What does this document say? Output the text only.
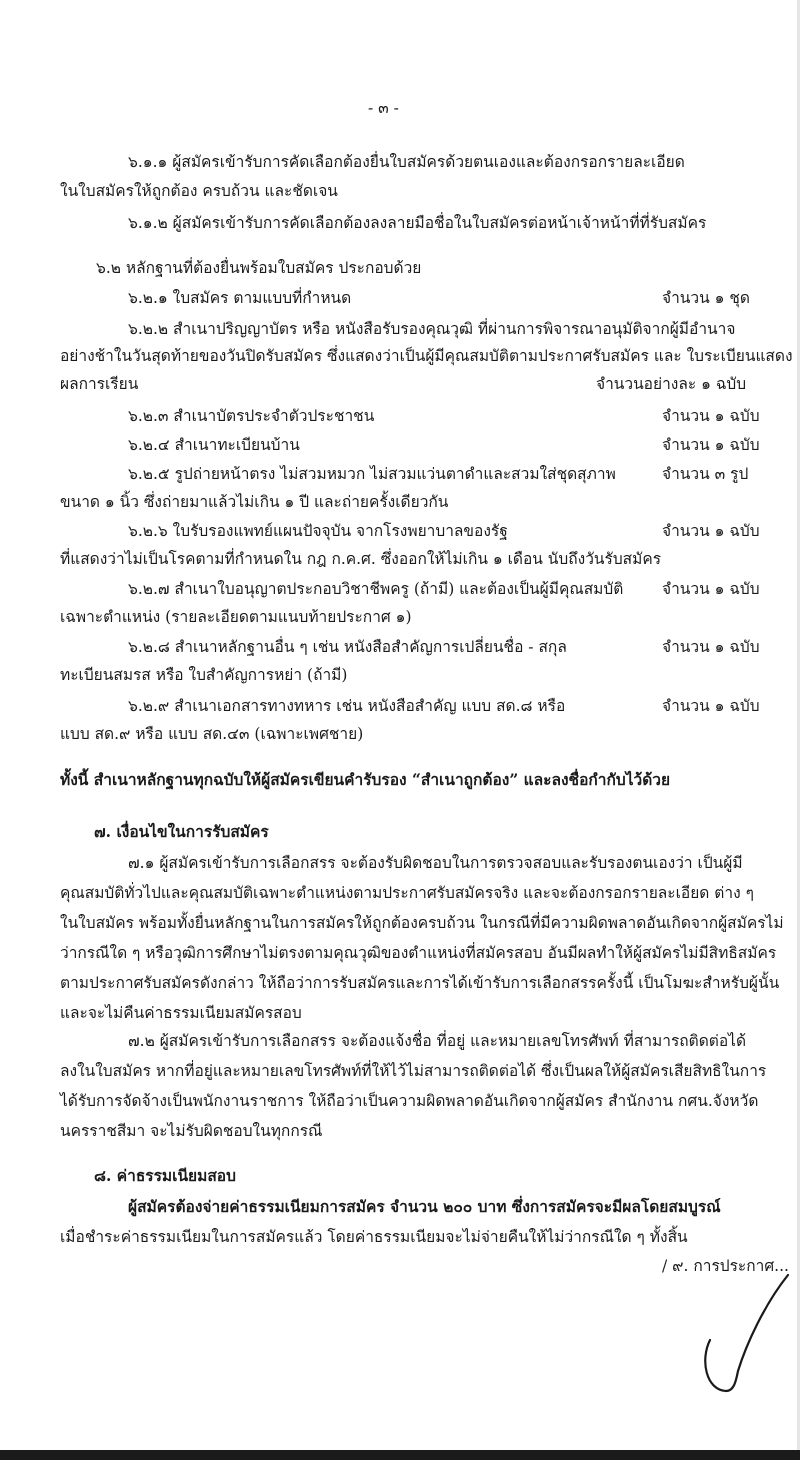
- ๓ -
๖.๑.๑ ผู้สมัครเข้ารับการคัดเลือกต้องยื่นใบสมัครด้วยตนเองและต้องกรอกรายละเอียด
ในใบสมัครให้ถูกต้อง ครบถ้วน และชัดเจน
๖.๑.๒ ผู้สมัครเข้ารับการคัดเลือกต้องลงลายมือชื่อในใบสมัครต่อหน้าเจ้าหน้าที่ที่รับสมัคร
๖.๒ หลักฐานที่ต้องยื่นพร้อมใบสมัคร ประกอบด้วย
๖.๒.๑ ใบสมัคร ตามแบบที่กำหนด	จำนวน ๑ ชุด
๖.๒.๒ สำเนาปริญญาบัตร หรือ หนังสือรับรองคุณวุฒิ ที่ผ่านการพิจารณาอนุมัติจากผู้มีอำนาจ
อย่างช้าในวันสุดท้ายของวันปิดรับสมัคร ซึ่งแสดงว่าเป็นผู้มีคุณสมบัติตามประกาศรับสมัคร และ ใบระเบียนแสดง
ผลการเรียน	จำนวนอย่างละ ๑ ฉบับ
๖.๒.๓ สำเนาบัตรประจำตัวประชาชน	จำนวน ๑ ฉบับ
๖.๒.๔ สำเนาทะเบียนบ้าน	จำนวน ๑ ฉบับ
๖.๒.๕ รูปถ่ายหน้าตรง ไม่สวมหมวก ไม่สวมแว่นตาดำและสวมใส่ชุดสุภาพ	จำนวน ๓ รูป
ขนาด ๑ นิ้ว ซึ่งถ่ายมาแล้วไม่เกิน ๑ ปี และถ่ายครั้งเดียวกัน
๖.๒.๖ ใบรับรองแพทย์แผนปัจจุบัน จากโรงพยาบาลของรัฐ	จำนวน ๑ ฉบับ
ที่แสดงว่าไม่เป็นโรคตามที่กำหนดใน กฎ ก.ค.ศ. ซึ่งออกให้ไม่เกิน ๑ เดือน นับถึงวันรับสมัคร
๖.๒.๗ สำเนาใบอนุญาตประกอบวิชาชีพครู (ถ้ามี) และต้องเป็นผู้มีคุณสมบัติ จำนวน ๑ ฉบับ
เฉพาะตำแหน่ง (รายละเอียดตามแนบท้ายประกาศ ๑)
๖.๒.๘ สำเนาหลักฐานอื่น ๆ เช่น หนังสือสำคัญการเปลี่ยนชื่อ - สกุล	จำนวน ๑ ฉบับ
ทะเบียนสมรส หรือ ใบสำคัญการหย่า (ถ้ามี)
๖.๒.๙ สำเนาเอกสารทางทหาร เช่น หนังสือสำคัญ แบบ สด.๘ หรือ	จำนวน ๑ ฉบับ
แบบ สด.๙ หรือ แบบ สด.๔๓ (เฉพาะเพศชาย)
ทั้งนี้ สำเนาหลักฐานทุกฉบับให้ผู้สมัครเขียนคำรับรอง “สำเนาถูกต้อง” และลงชื่อกำกับไว้ด้วย
๗. เงื่อนไขในการรับสมัคร
๗.๑ ผู้สมัครเข้ารับการเลือกสรร จะต้องรับผิดชอบในการตรวจสอบและรับรองตนเองว่า เป็นผู้มี
คุณสมบัติทั่วไปและคุณสมบัติเฉพาะตำแหน่งตามประกาศรับสมัครจริง และจะต้องกรอกรายละเอียด ต่าง ๆ
ในใบสมัคร พร้อมทั้งยื่นหลักฐานในการสมัครให้ถูกต้องครบถ้วน ในกรณีที่มีความผิดพลาดอันเกิดจากผู้สมัครไม่
ว่ากรณีใด ๆ หรือวุฒิการศึกษาไม่ตรงตามคุณวุฒิของตำแหน่งที่สมัครสอบ อันมีผลทำให้ผู้สมัครไม่มีสิทธิสมัคร
ตามประกาศรับสมัครดังกล่าว ให้ถือว่าการรับสมัครและการได้เข้ารับการเลือกสรรครั้งนี้ เป็นโมฆะสำหรับผู้นั้น
และจะไม่คืนค่าธรรมเนียมสมัครสอบ
๗.๒ ผู้สมัครเข้ารับการเลือกสรร จะต้องแจ้งชื่อ ที่อยู่ และหมายเลขโทรศัพท์ ที่สามารถติดต่อได้
ลงในใบสมัคร หากที่อยู่และหมายเลขโทรศัพท์ที่ให้ไว้ไม่สามารถติดต่อได้ ซึ่งเป็นผลให้ผู้สมัครเสียสิทธิในการ
ได้รับการจัดจ้างเป็นพนักงานราชการ ให้ถือว่าเป็นความผิดพลาดอันเกิดจากผู้สมัคร สำนักงาน กศน.จังหวัด
นครราชสีมา จะไม่รับผิดชอบในทุกกรณี
๘. ค่าธรรมเนียมสอบ
ผู้สมัครต้องจ่ายค่าธรรมเนียมการสมัคร จำนวน ๒๐๐ บาท ซึ่งการสมัครจะมีผลโดยสมบูรณ์
เมื่อชำระค่าธรรมเนียมในการสมัครแล้ว โดยค่าธรรมเนียมจะไม่จ่ายคืนให้ไม่ว่ากรณีใด ๆ ทั้งสิ้น
/ ๙. การประกาศ...
